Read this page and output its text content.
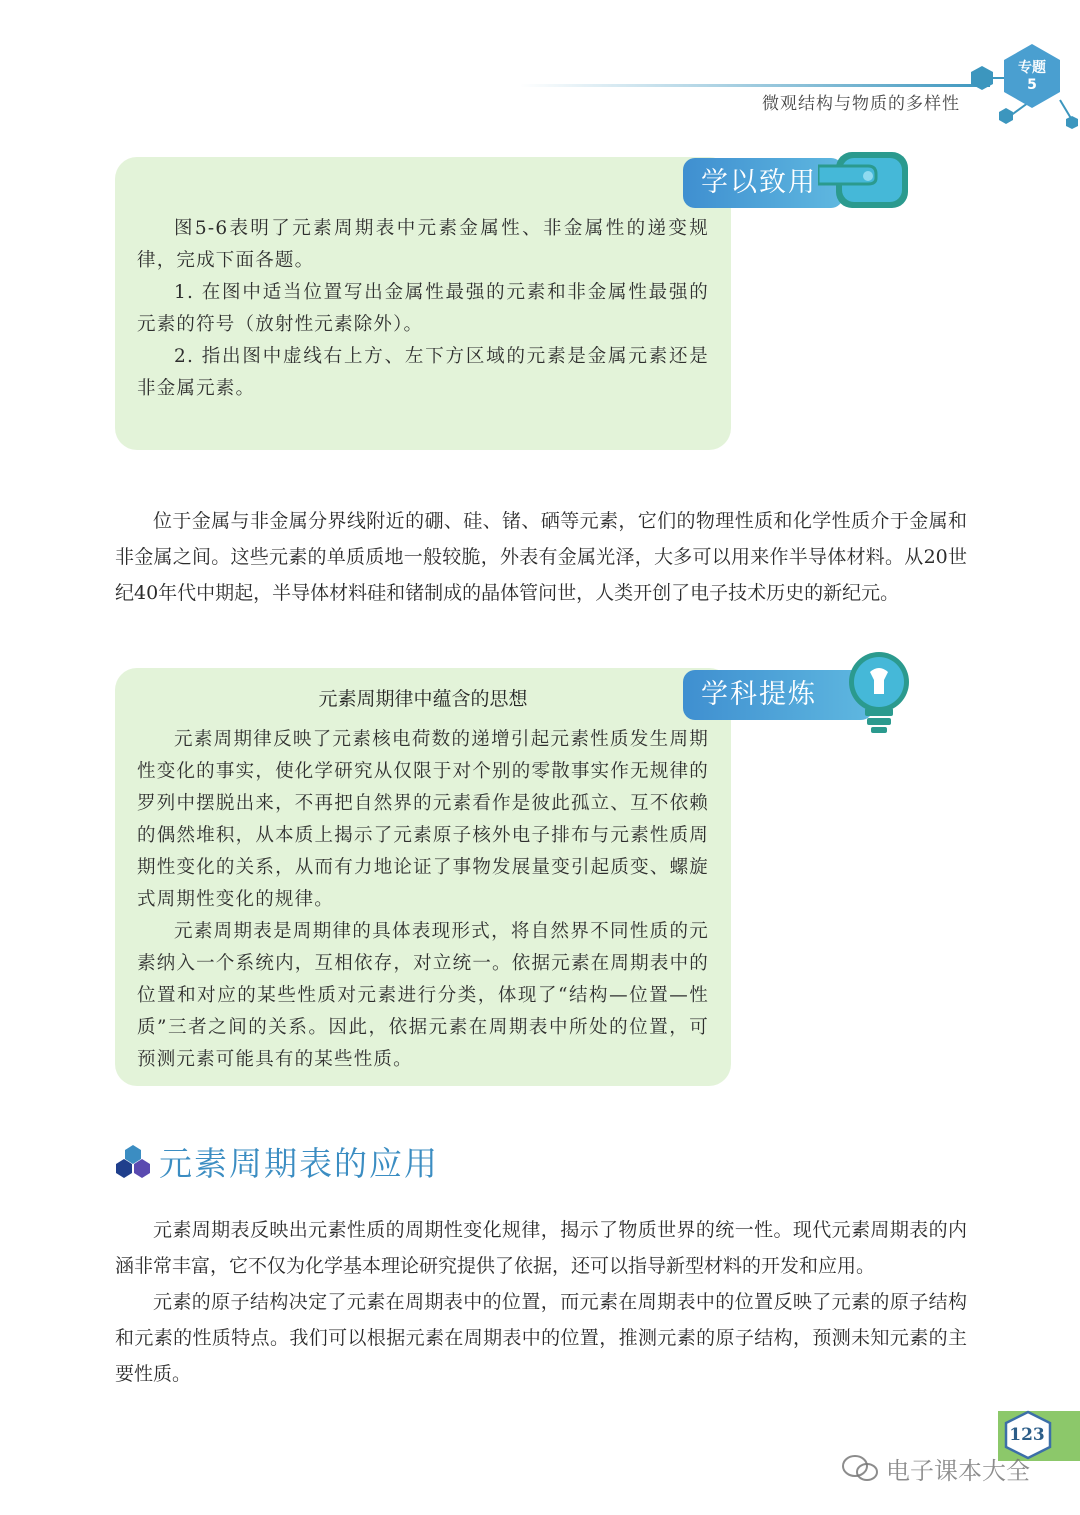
微观结构与物质的多样性
专题
5

图5-6表明了元素周期表中元素金属性、非金属性的递变规律，完成下面各题。

1. 在图中适当位置写出金属性最强的元素和非金属性最强的元素的符号（放射性元素除外）。

2. 指出图中虚线右上方、左下方区域的元素是金属元素还是非金属元素。

学以致用

位于金属与非金属分界线附近的硼、硅、锗、硒等元素，它们的物理性质和化学性质介于金属和非金属之间。这些元素的单质质地一般较脆，外表有金属光泽，大多可以用来作半导体材料。从20世纪40年代中期起，半导体材料硅和锗制成的晶体管问世，人类开创了电子技术历史的新纪元。

元素周期律中蕴含的思想

元素周期律反映了元素核电荷数的递增引起元素性质发生周期性变化的事实，使化学研究从仅限于对个别的零散事实作无规律的罗列中摆脱出来，不再把自然界的元素看作是彼此孤立、互不依赖的偶然堆积，从本质上揭示了元素原子核外电子排布与元素性质周期性变化的关系，从而有力地论证了事物发展量变引起质变、螺旋式周期性变化的规律。

元素周期表是周期律的具体表现形式，将自然界不同性质的元素纳入一个系统内，互相依存，对立统一。依据元素在周期表中的位置和对应的某些性质对元素进行分类，体现了“结构—位置—性质”三者之间的关系。因此，依据元素在周期表中所处的位置，可预测元素可能具有的某些性质。

学科提炼
元素周期表的应用

元素周期表反映出元素性质的周期性变化规律，揭示了物质世界的统一性。现代元素周期表的内涵非常丰富，它不仅为化学基本理论研究提供了依据，还可以指导新型材料的开发和应用。

元素的原子结构决定了元素在周期表中的位置，而元素在周期表中的位置反映了元素的原子结构和元素的性质特点。我们可以根据元素在周期表中的位置，推测元素的原子结构，预测未知元素的主要性质。

123
电子课本大全
